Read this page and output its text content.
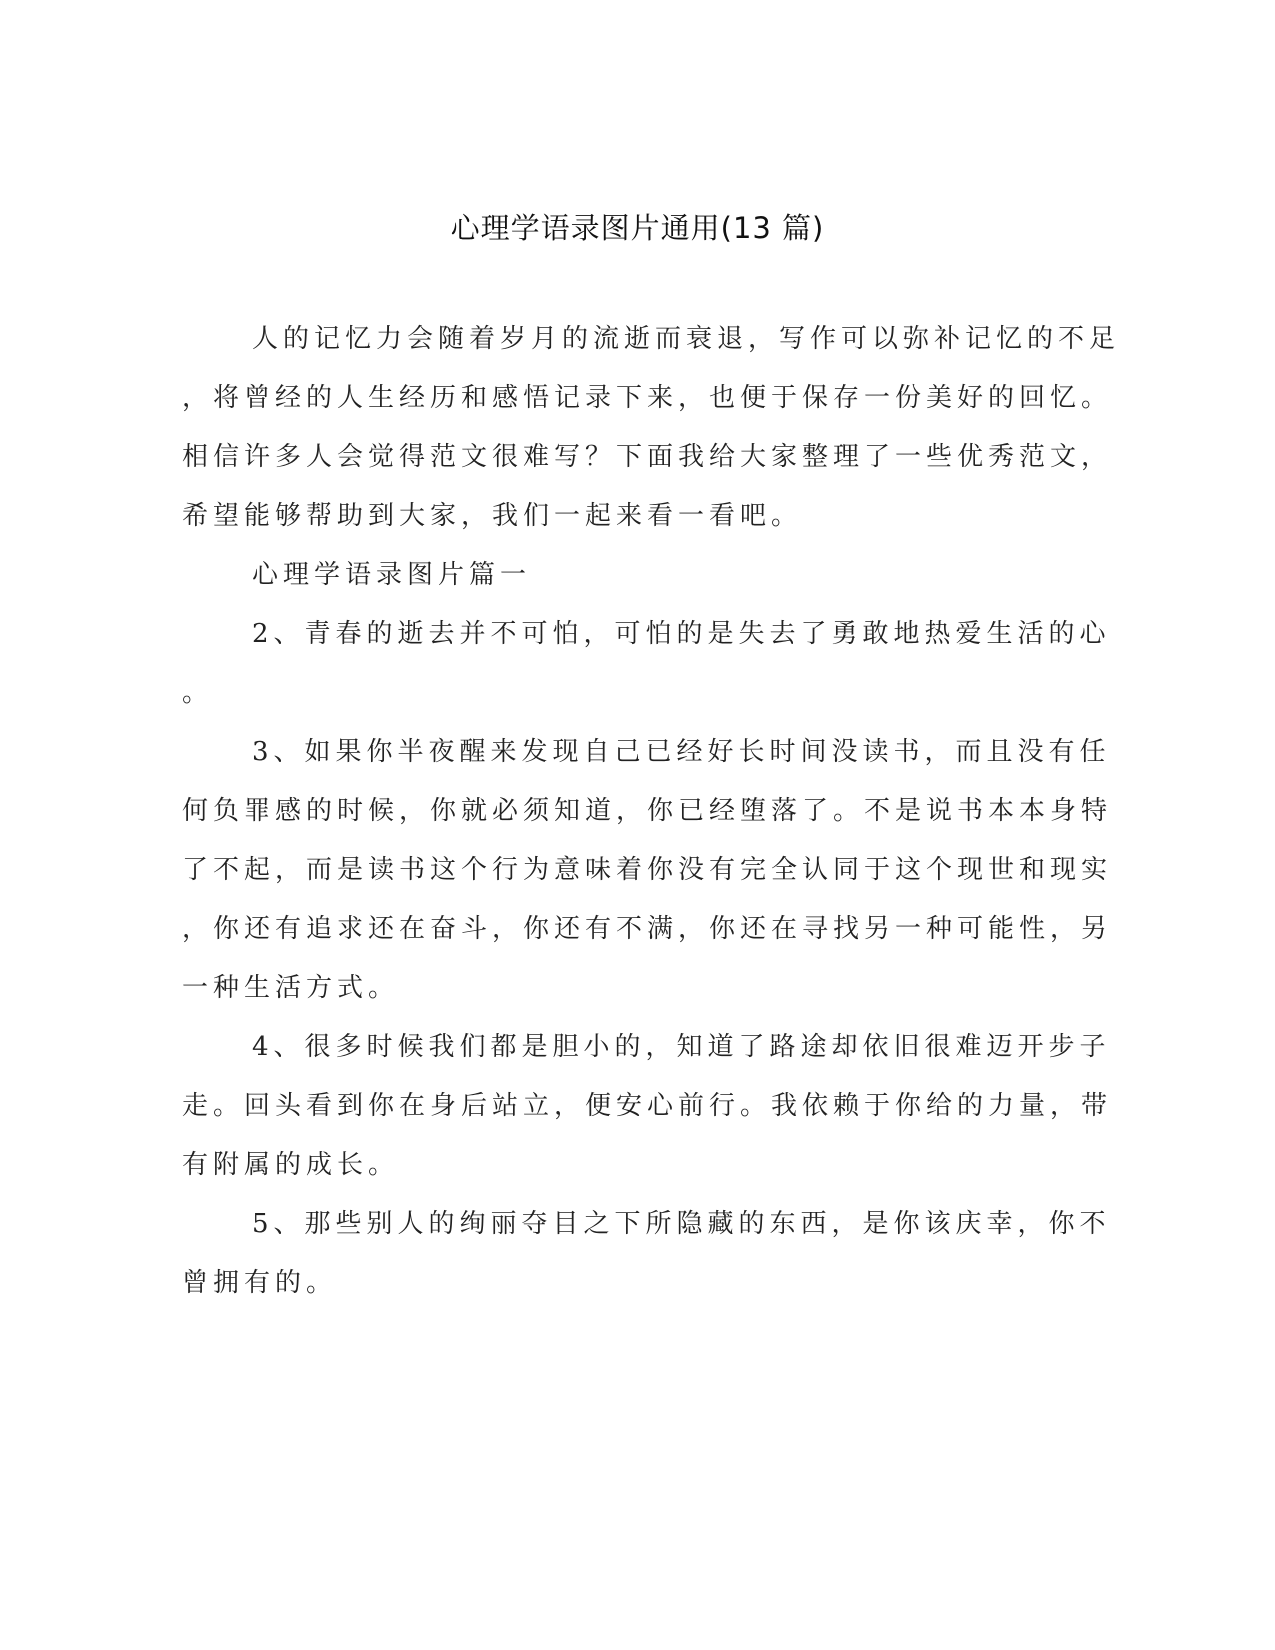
心理学语录图片通用(13 篇)
人的记忆力会随着岁月的流逝而衰退，写作可以弥补记忆的不足
，将曾经的人生经历和感悟记录下来，也便于保存一份美好的回忆。
相信许多人会觉得范文很难写？下面我给大家整理了一些优秀范文，
希望能够帮助到大家，我们一起来看一看吧。
心理学语录图片篇一
2、青春的逝去并不可怕，可怕的是失去了勇敢地热爱生活的心
。
3、如果你半夜醒来发现自己已经好长时间没读书，而且没有任
何负罪感的时候，你就必须知道，你已经堕落了。不是说书本本身特
了不起，而是读书这个行为意味着你没有完全认同于这个现世和现实
，你还有追求还在奋斗，你还有不满，你还在寻找另一种可能性，另
一种生活方式。
4、很多时候我们都是胆小的，知道了路途却依旧很难迈开步子
走。回头看到你在身后站立，便安心前行。我依赖于你给的力量，带
有附属的成长。
5、那些别人的绚丽夺目之下所隐藏的东西，是你该庆幸，你不
曾拥有的。
